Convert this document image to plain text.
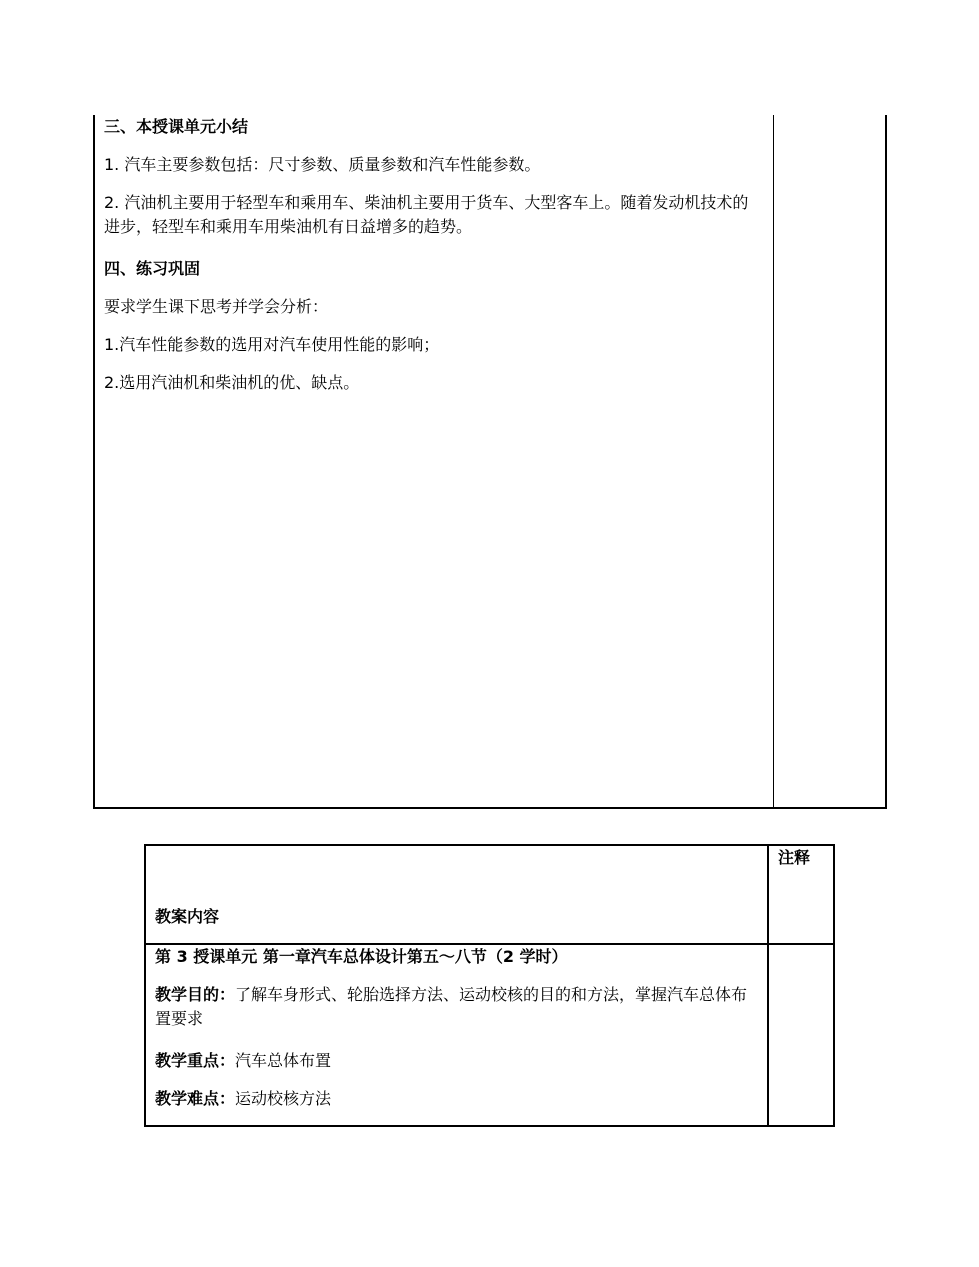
三、本授课单元小结

1. 汽车主要参数包括：尺寸参数、质量参数和汽车性能参数。

2. 汽油机主要用于轻型车和乘用车、柴油机主要用于货车、大型客车上。随着发动机技术的进步，轻型车和乘用车用柴油机有日益增多的趋势。

四、练习巩固

要求学生课下思考并学会分析：

1.汽车性能参数的选用对汽车使用性能的影响；

2.选用汽油机和柴油机的优、缺点。

教案内容

注释

第 3 授课单元 第一章汽车总体设计第五～八节（2 学时）

教学目的：了解车身形式、轮胎选择方法、运动校核的目的和方法，掌握汽车总体布置要求

教学重点：汽车总体布置

教学难点：运动校核方法
